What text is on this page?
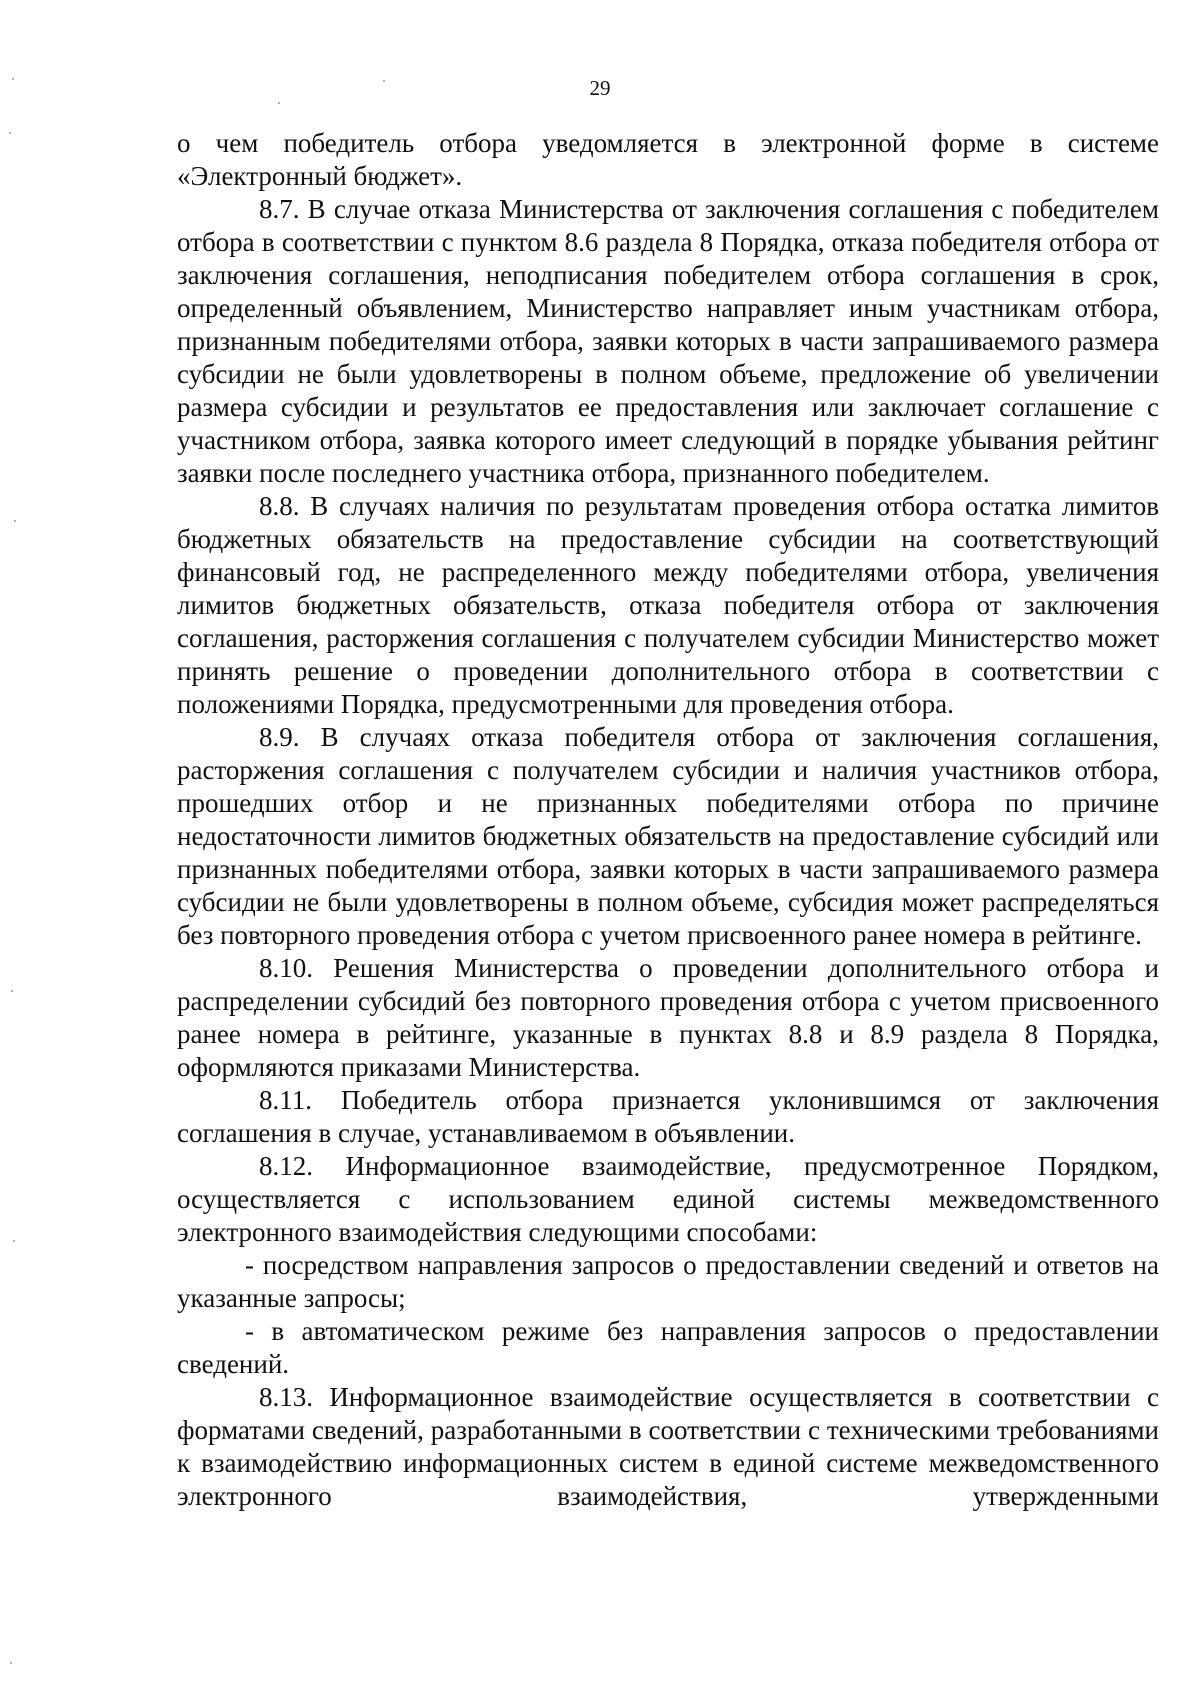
29

о чем победитель отбора уведомляется в электронной форме в системе «Электронный бюджет».

8.7. В случае отказа Министерства от заключения соглашения с победителем отбора в соответствии с пунктом 8.6 раздела 8 Порядка, отказа победителя отбора от заключения соглашения, неподписания победителем отбора соглашения в срок, определенный объявлением, Министерство направляет иным участникам отбора, признанным победителями отбора, заявки которых в части запрашиваемого размера субсидии не были удовлетворены в полном объеме, предложение об увеличении размера субсидии и результатов ее предоставления или заключает соглашение с участником отбора, заявка которого имеет следующий в порядке убывания рейтинг заявки после последнего участника отбора, признанного победителем.

8.8. В случаях наличия по результатам проведения отбора остатка лимитов бюджетных обязательств на предоставление субсидии на соответствующий финансовый год, не распределенного между победителями отбора, увеличения лимитов бюджетных обязательств, отказа победителя отбора от заключения соглашения, расторжения соглашения с получателем субсидии Министерство может принять решение о проведении дополнительного отбора в соответствии с положениями Порядка, предусмотренными для проведения отбора.

8.9. В случаях отказа победителя отбора от заключения соглашения, расторжения соглашения с получателем субсидии и наличия участников отбора, прошедших отбор и не признанных победителями отбора по причине недостаточности лимитов бюджетных обязательств на предоставление субсидий или признанных победителями отбора, заявки которых в части запрашиваемого размера субсидии не были удовлетворены в полном объеме, субсидия может распределяться без повторного проведения отбора с учетом присвоенного ранее номера в рейтинге.

8.10. Решения Министерства о проведении дополнительного отбора и распределении субсидий без повторного проведения отбора с учетом присвоенного ранее номера в рейтинге, указанные в пунктах 8.8 и 8.9 раздела 8 Порядка, оформляются приказами Министерства.

8.11. Победитель отбора признается уклонившимся от заключения соглашения в случае, устанавливаемом в объявлении.

8.12. Информационное взаимодействие, предусмотренное Порядком, осуществляется с использованием единой системы межведомственного электронного взаимодействия следующими способами:

- посредством направления запросов о предоставлении сведений и ответов на указанные запросы;

- в автоматическом режиме без направления запросов о предоставлении сведений.

8.13. Информационное взаимодействие осуществляется в соответствии с форматами сведений, разработанными в соответствии с техническими требованиями к взаимодействию информационных систем в единой системе межведомственного электронного взаимодействия, утвержденными
